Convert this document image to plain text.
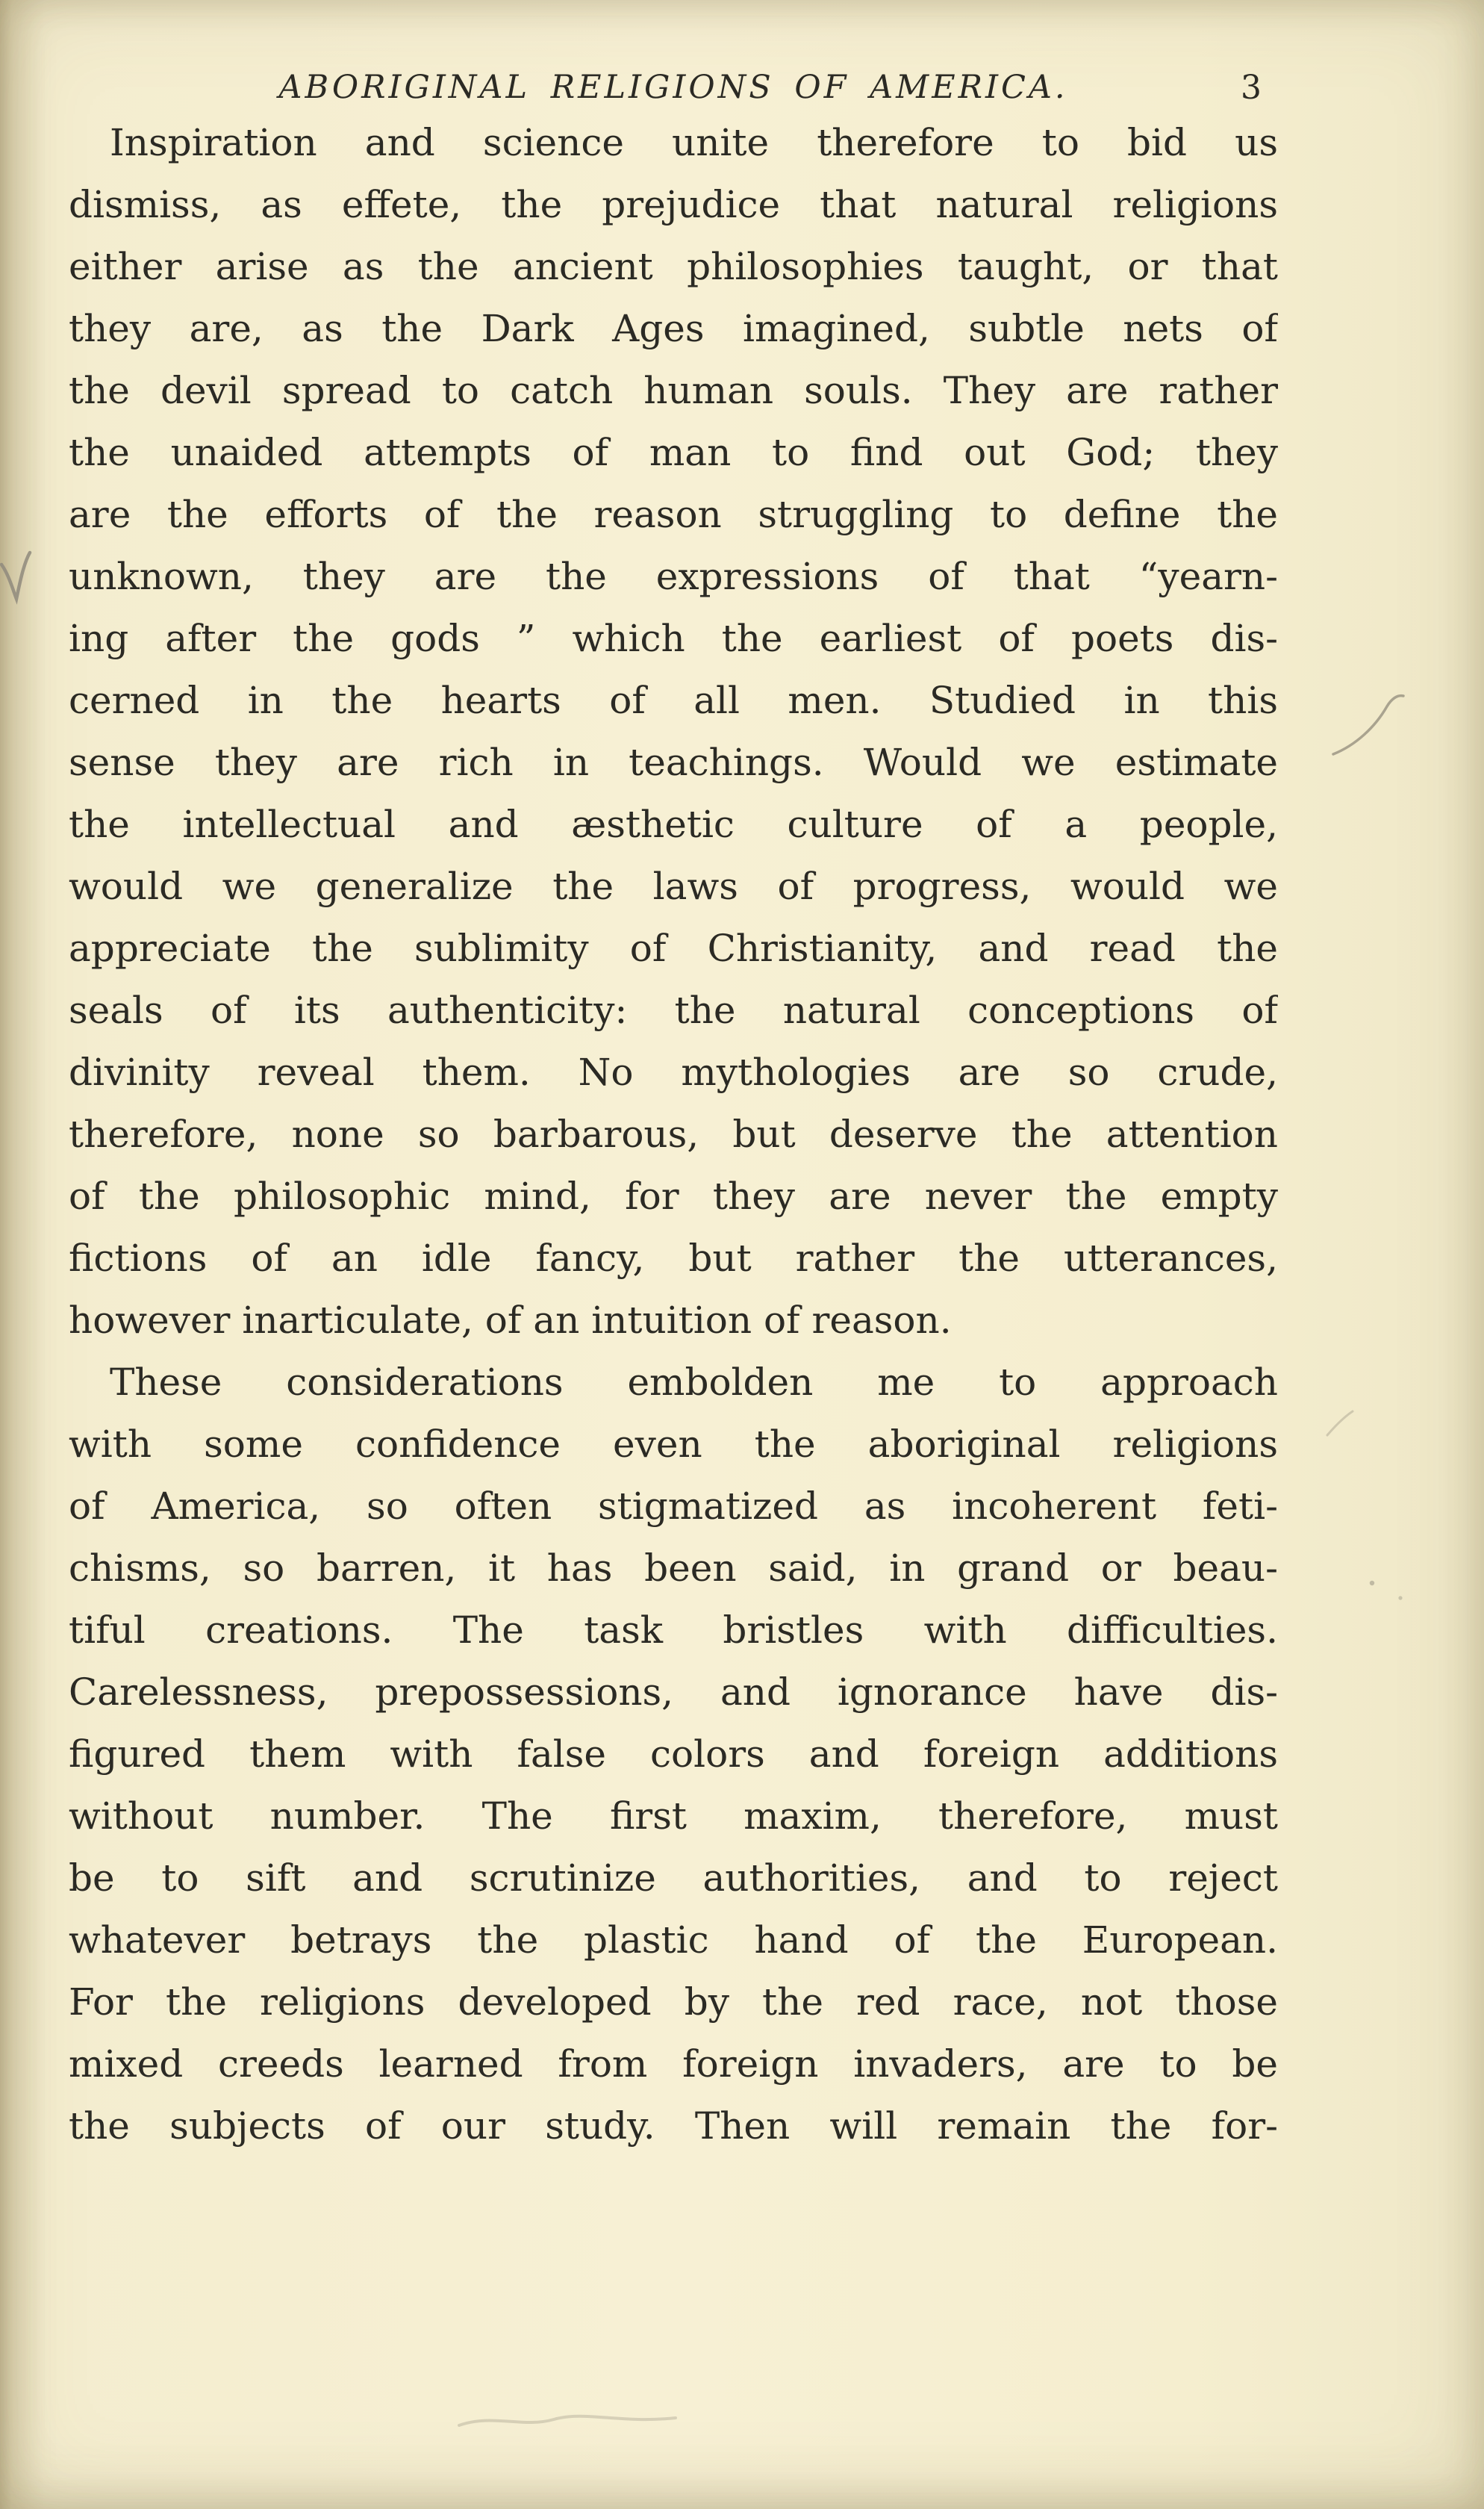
ABORIGINAL RELIGIONS OF AMERICA.	3
Inspiration and science unite therefore to bid us
dismiss, as effete, the prejudice that natural religions
either arise as the ancient philosophies taught, or that
they are, as the Dark Ages imagined, subtle nets of
the devil spread to catch human souls. They are rather
the unaided attempts of man to find out God; they
are the efforts of the reason struggling to define the
unknown, they are the expressions of that “yearn-
ing after the gods ” which the earliest of poets dis-
cerned in the hearts of all men. Studied in this
sense they are rich in teachings. Would we estimate
the intellectual and æsthetic culture of a people,
would we generalize the laws of progress, would we
appreciate the sublimity of Christianity, and read the
seals of its authenticity: the natural conceptions of
divinity reveal them. No mythologies are so crude,
therefore, none so barbarous, but deserve the attention
of the philosophic mind, for they are never the empty
fictions of an idle fancy, but rather the utterances,
however inarticulate, of an intuition of reason.
These considerations embolden me to approach
with some confidence even the aboriginal religions
of America, so often stigmatized as incoherent feti-
chisms, so barren, it has been said, in grand or beau-
tiful creations. The task bristles with difficulties.
Carelessness, prepossessions, and ignorance have dis-
figured them with false colors and foreign additions
without number. The first maxim, therefore, must
be to sift and scrutinize authorities, and to reject
whatever betrays the plastic hand of the European.
For the religions developed by the red race, not those
mixed creeds learned from foreign invaders, are to be
the subjects of our study. Then will remain the for-
